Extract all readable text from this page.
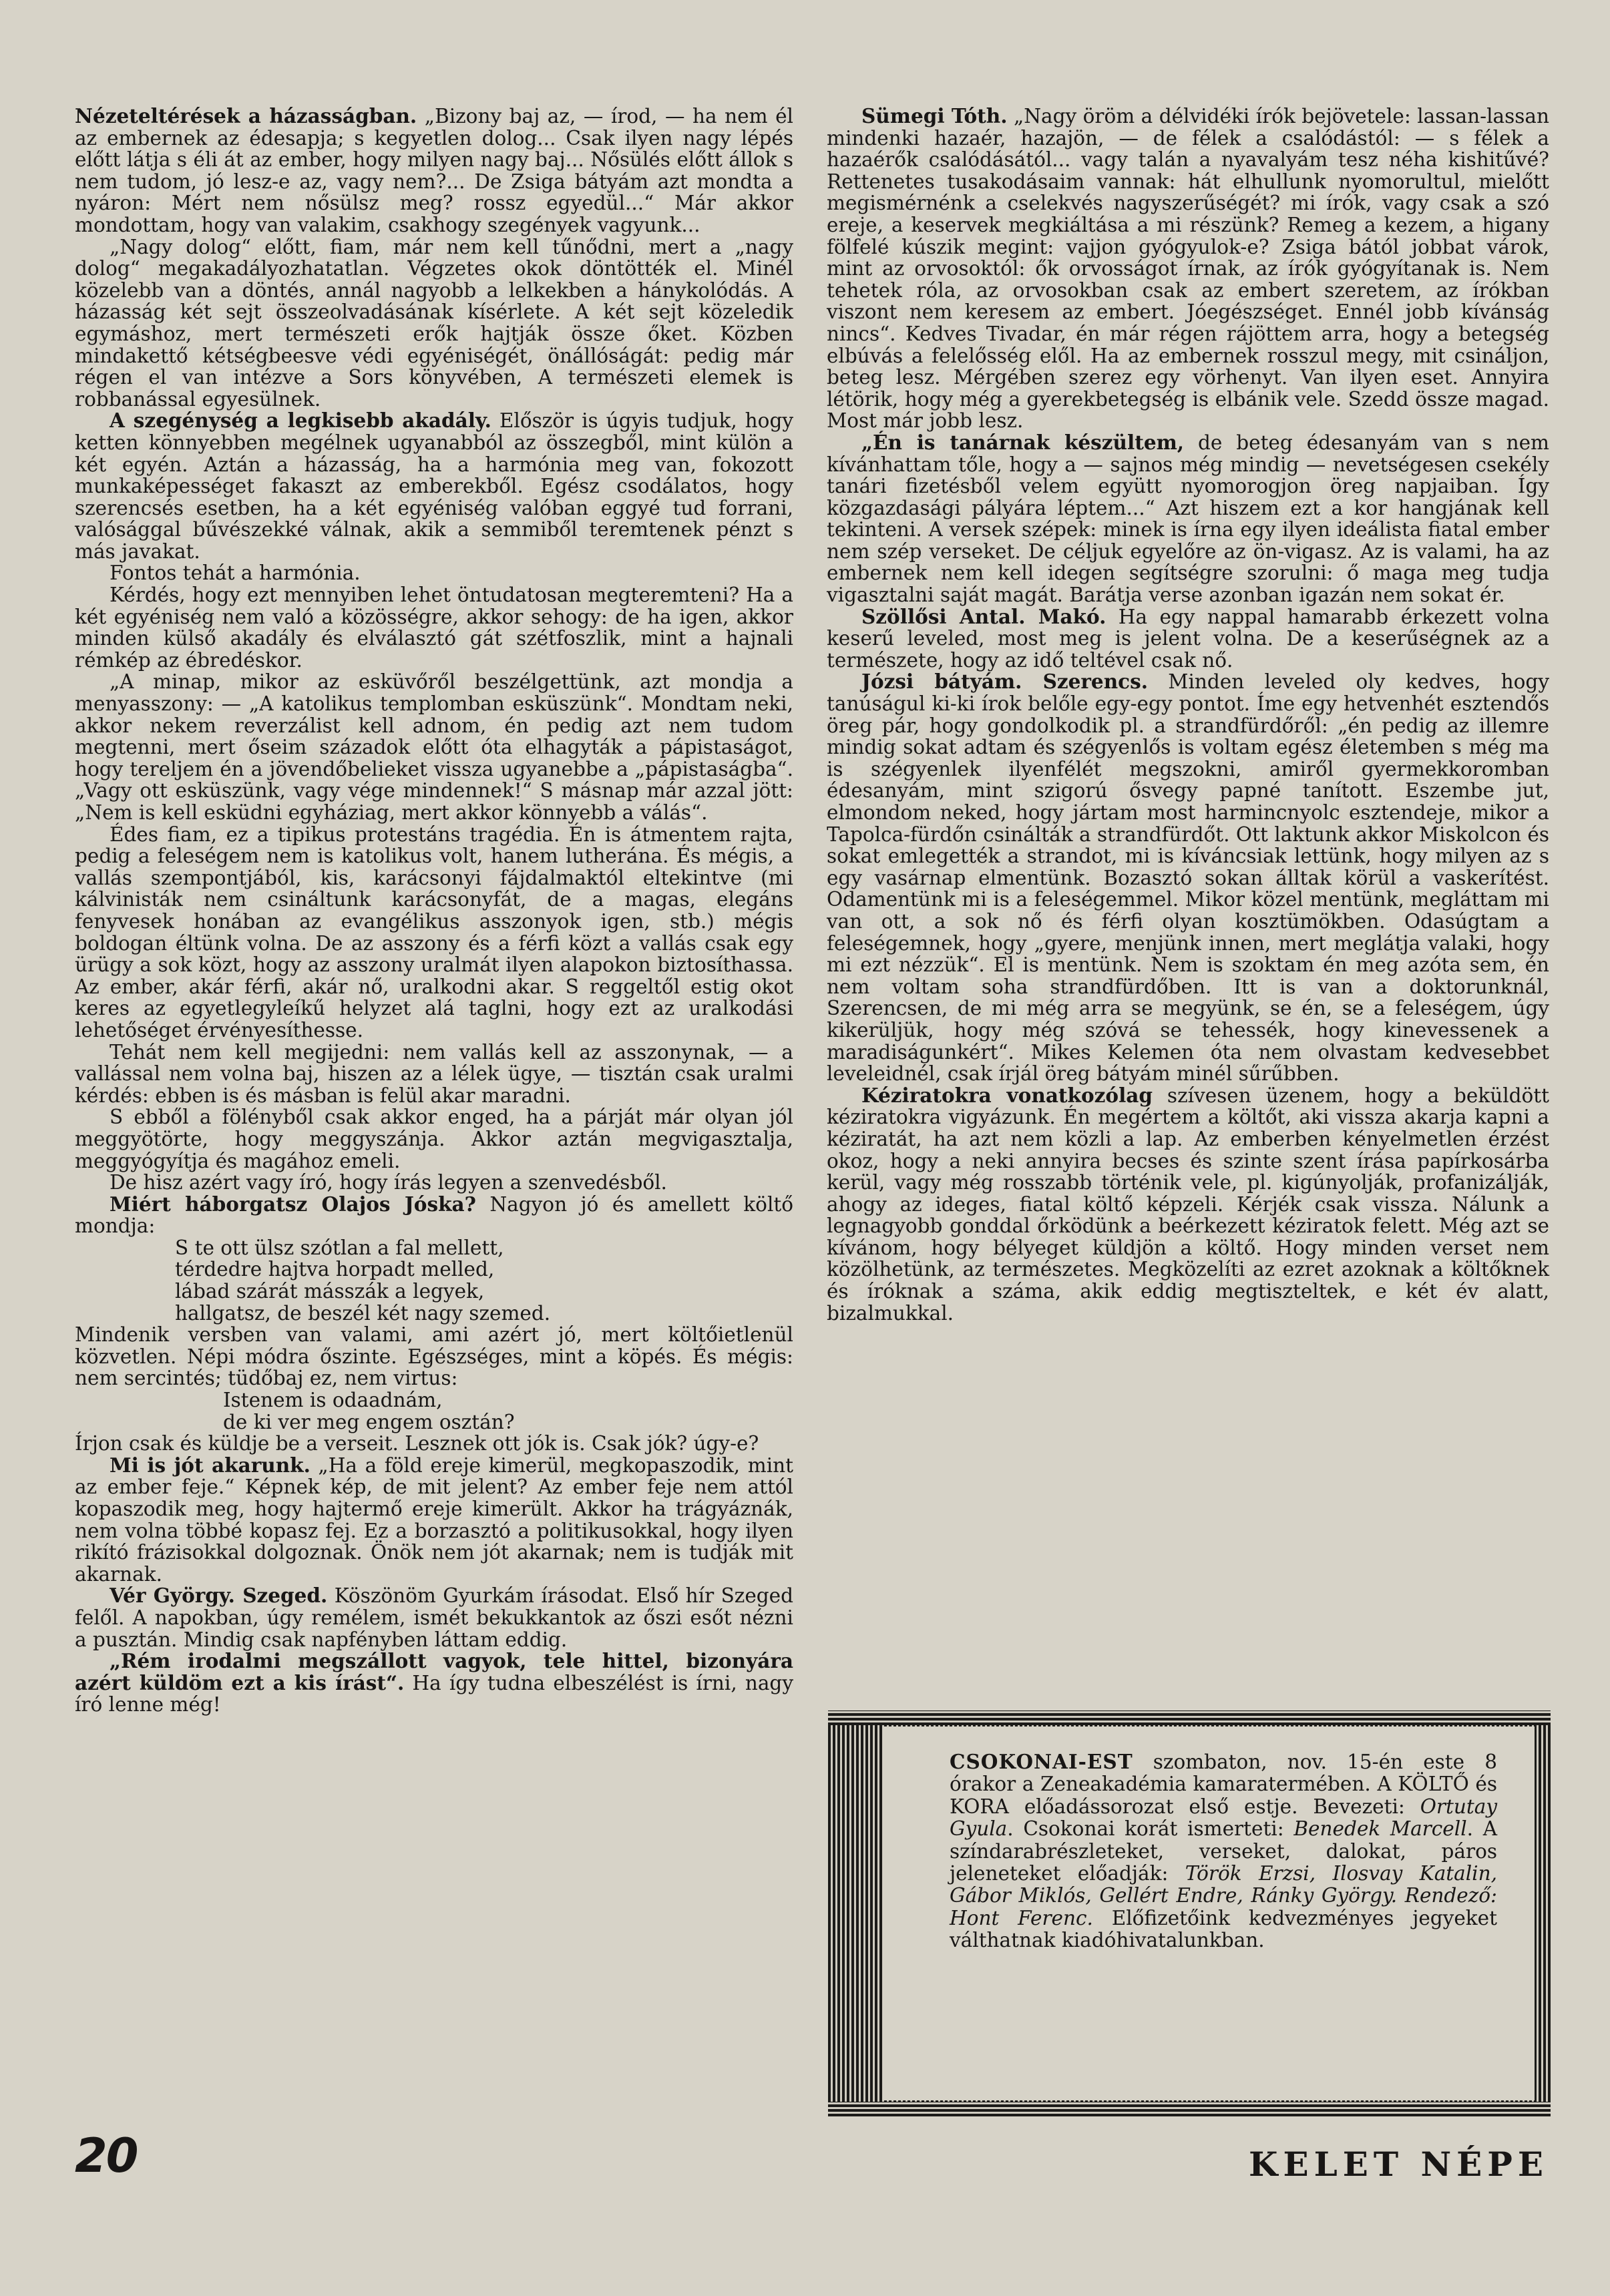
Nézeteltérések a házasságban. „Bizony baj az, — írod, — ha nem él az embernek az édesapja; s kegyetlen dolog... Csak ilyen nagy lépés előtt látja s éli át az ember, hogy milyen nagy baj... Nősülés előtt állok s nem tudom, jó lesz-e az, vagy nem?... De Zsiga bátyám azt mondta a nyáron: Mért nem nősülsz meg? rossz egyedül...“ Már akkor mondottam, hogy van valakim, csakhogy szegények vagyunk...

„Nagy dolog“ előtt, fiam, már nem kell tűnődni, mert a „nagy dolog“ megakadályozhatatlan. Végzetes okok döntötték el. Minél közelebb van a döntés, annál nagyobb a lelkekben a hánykolódás. A házasság két sejt összeolvadásának kísérlete. A két sejt közeledik egymáshoz, mert természeti erők hajtják össze őket. Közben mindakettő kétségbeesve védi egyéniségét, önállóságát: pedig már régen el van intézve a Sors könyvében, A természeti elemek is robbanással egyesülnek.

A szegénység a legkisebb akadály. Először is úgyis tudjuk, hogy ketten könnyebben megélnek ugyanabból az összegből, mint külön a két egyén. Aztán a házasság, ha a harmónia meg van, fokozott munkaképességet fakaszt az emberekből. Egész csodálatos, hogy szerencsés esetben, ha a két egyéniség valóban eggyé tud forrani, valósággal bűvészekké válnak, akik a semmiből teremtenek pénzt s más javakat.

Fontos tehát a harmónia.

Kérdés, hogy ezt mennyiben lehet öntudatosan megteremteni? Ha a két egyéniség nem való a közösségre, akkor sehogy: de ha igen, akkor minden külső akadály és elválasztó gát szétfoszlik, mint a hajnali rémkép az ébredéskor.

„A minap, mikor az esküvőről beszélgettünk, azt mondja a menyasszony: — „A katolikus templomban esküszünk“. Mondtam neki, akkor nekem reverzálist kell adnom, én pedig azt nem tudom megtenni, mert őseim századok előtt óta elhagyták a pápistaságot, hogy tereljem én a jövendőbelieket vissza ugyanebbe a „pápistaságba“. „Vagy ott esküszünk, vagy vége mindennek!“ S másnap már azzal jött: „Nem is kell esküdni egyháziag, mert akkor könnyebb a válás“.

Édes fiam, ez a tipikus protestáns tragédia. Én is átmentem rajta, pedig a feleségem nem is katolikus volt, hanem lutherána. És mégis, a vallás szempontjából, kis, karácsonyi fájdalmaktól eltekintve (mi kálvinisták nem csináltunk karácsonyfát, de a magas, elegáns fenyvesek honában az evangélikus asszonyok igen, stb.) mégis boldogan éltünk volna. De az asszony és a férfi közt a vallás csak egy ürügy a sok közt, hogy az asszony uralmát ilyen alapokon biztosíthassa. Az ember, akár férfi, akár nő, uralkodni akar. S reggeltől estig okot keres az egyetlegyleíkű helyzet alá taglni, hogy ezt az uralkodási lehetőséget érvényesíthesse.

Tehát nem kell megijedni: nem vallás kell az asszonynak, — a vallással nem volna baj, hiszen az a lélek ügye, — tisztán csak uralmi kérdés: ebben is és másban is felül akar maradni.

S ebből a fölényből csak akkor enged, ha a párját már olyan jól meggyötörte, hogy meggyszánja. Akkor aztán megvigasztalja, meggyógyítja és magához emeli.

De hisz azért vagy író, hogy írás legyen a szenvedésből.

Miért háborgatsz Olajos Jóska? Nagyon jó és amellett költő mondja:

S te ott ülsz szótlan a fal mellett,
térdedre hajtva horpadt melled,
lábad szárát másszák a legyek,
hallgatsz, de beszél két nagy szemed.

Mindenik versben van valami, ami azért jó, mert költőietlenül közvetlen. Népi módra őszinte. Egészséges, mint a köpés. És mégis: nem sercintés; tüdőbaj ez, nem virtus:

Istenem is odaadnám,
de ki ver meg engem osztán?

Írjon csak és küldje be a verseit. Lesznek ott jók is. Csak jók? úgy-e?

Mi is jót akarunk. „Ha a föld ereje kimerül, megkopaszodik, mint az ember feje.“ Képnek kép, de mit jelent? Az ember feje nem attól kopaszodik meg, hogy hajtermő ereje kimerült. Akkor ha trágyáznák, nem volna többé kopasz fej. Ez a borzasztó a politikusokkal, hogy ilyen rikító frázisokkal dolgoznak. Önök nem jót akarnak; nem is tudják mit akarnak.

Vér György. Szeged. Köszönöm Gyurkám írásodat. Első hír Szeged felől. A napokban, úgy remélem, ismét bekukkantok az őszi esőt nézni a pusztán. Mindig csak napfényben láttam eddig.

„Rém irodalmi megszállott vagyok, tele hittel, bizonyára azért küldöm ezt a kis írást“. Ha így tudna elbeszélést is írni, nagy író lenne még!

Sümegi Tóth. „Nagy öröm a délvidéki írók bejövetele: lassan-lassan mindenki hazaér, hazajön, — de félek a csalódástól: — s félek a hazaérők csalódásától... vagy talán a nyavalyám tesz néha kishitűvé? Rettenetes tusakodásaim vannak: hát elhullunk nyomorultul, mielőtt megismérnénk a cselekvés nagyszerűségét? mi írók, vagy csak a szó ereje, a keservek megkiáltása a mi részünk? Remeg a kezem, a higany fölfelé kúszik megint: vajjon gyógyulok-e? Zsiga bától jobbat várok, mint az orvosoktól: ők orvosságot írnak, az írók gyógyítanak is. Nem tehetek róla, az orvosokban csak az embert szeretem, az írókban viszont nem keresem az embert. Jóegészséget. Ennél jobb kívánság nincs“. Kedves Tivadar, én már régen rájöttem arra, hogy a betegség elbúvás a felelősség elől. Ha az embernek rosszul megy, mit csináljon, beteg lesz. Mérgében szerez egy vörhenyt. Van ilyen eset. Annyira létörik, hogy még a gyerekbetegség is elbánik vele. Szedd össze magad. Most már jobb lesz.

„Én is tanárnak készültem, de beteg édesanyám van s nem kívánhattam tőle, hogy a — sajnos még mindig — nevetségesen csekély tanári fizetésből velem együtt nyomorogjon öreg napjaiban. Így közgazdasági pályára léptem...“ Azt hiszem ezt a kor hangjának kell tekinteni. A versek szépek: minek is írna egy ilyen ideálista fiatal ember nem szép verseket. De céljuk egyelőre az ön-vigasz. Az is valami, ha az embernek nem kell idegen segítségre szorulni: ő maga meg tudja vigasztalni saját magát. Barátja verse azonban igazán nem sokat ér.

Szöllősi Antal. Makó. Ha egy nappal hamarabb érkezett volna keserű leveled, most meg is jelent volna. De a keserűségnek az a természete, hogy az idő teltével csak nő.

Józsi bátyám. Szerencs. Minden leveled oly kedves, hogy tanúságul ki-ki írok belőle egy-egy pontot. Íme egy hetvenhét esztendős öreg pár, hogy gondolkodik pl. a strandfürdőről: „én pedig az illemre mindig sokat adtam és szégyenlős is voltam egész életemben s még ma is szégyenlek ilyenfélét megszokni, amiről gyermekkoromban édesanyám, mint szigorú ősvegy papné tanított. Eszembe jut, elmondom neked, hogy jártam most harmincnyolc esztendeje, mikor a Tapolca-fürdőn csinálták a strandfürdőt. Ott laktunk akkor Miskolcon és sokat emlegették a strandot, mi is kíváncsiak lettünk, hogy milyen az s egy vasárnap elmentünk. Bozasztó sokan álltak körül a vaskerítést. Odamentünk mi is a feleségemmel. Mikor közel mentünk, megláttam mi van ott, a sok nő és férfi olyan kosztümökben. Odasúgtam a feleségemnek, hogy „gyere, menjünk innen, mert meglátja valaki, hogy mi ezt nézzük“. El is mentünk. Nem is szoktam én meg azóta sem, én nem voltam soha strandfürdőben. Itt is van a doktorunknál, Szerencsen, de mi még arra se megyünk, se én, se a feleségem, úgy kikerüljük, hogy még szóvá se tehessék, hogy kinevessenek a maradiságunkért“. Mikes Kelemen óta nem olvastam kedvesebbet leveleidnél, csak írjál öreg bátyám minél sűrűbben.

Kéziratokra vonatkozólag szívesen üzenem, hogy a beküldött kéziratokra vigyázunk. Én megértem a költőt, aki vissza akarja kapni a kéziratát, ha azt nem közli a lap. Az emberben kényelmetlen érzést okoz, hogy a neki annyira becses és szinte szent írása papírkosárba kerül, vagy még rosszabb történik vele, pl. kigúnyolják, profanizálják, ahogy az ideges, fiatal költő képzeli. Kérjék csak vissza. Nálunk a legnagyobb gonddal őrködünk a beérkezett kéziratok felett. Még azt se kívánom, hogy bélyeget küldjön a költő. Hogy minden verset nem közölhetünk, az természetes. Megközelíti az ezret azoknak a költőknek és íróknak a száma, akik eddig megtiszteltek, e két év alatt, bizalmukkal.

CSOKONAI-EST szombaton, nov. 15-én este 8 órakor a Zeneakadémia kamaratermében. A KÖLTŐ és KORA előadássorozat első estje. Bevezeti: Ortutay Gyula. Csokonai korát ismerteti: Benedek Marcell. A színdarabrészleteket, verseket, dalokat, páros jeleneteket előadják: Török Erzsi, Ilosvay Katalin, Gábor Miklós, Gellért Endre, Ránky György. Rendező: Hont Ferenc. Előfizetőink kedvezményes jegyeket válthatnak kiadóhivatalunkban.
20	KELET NÉPE
